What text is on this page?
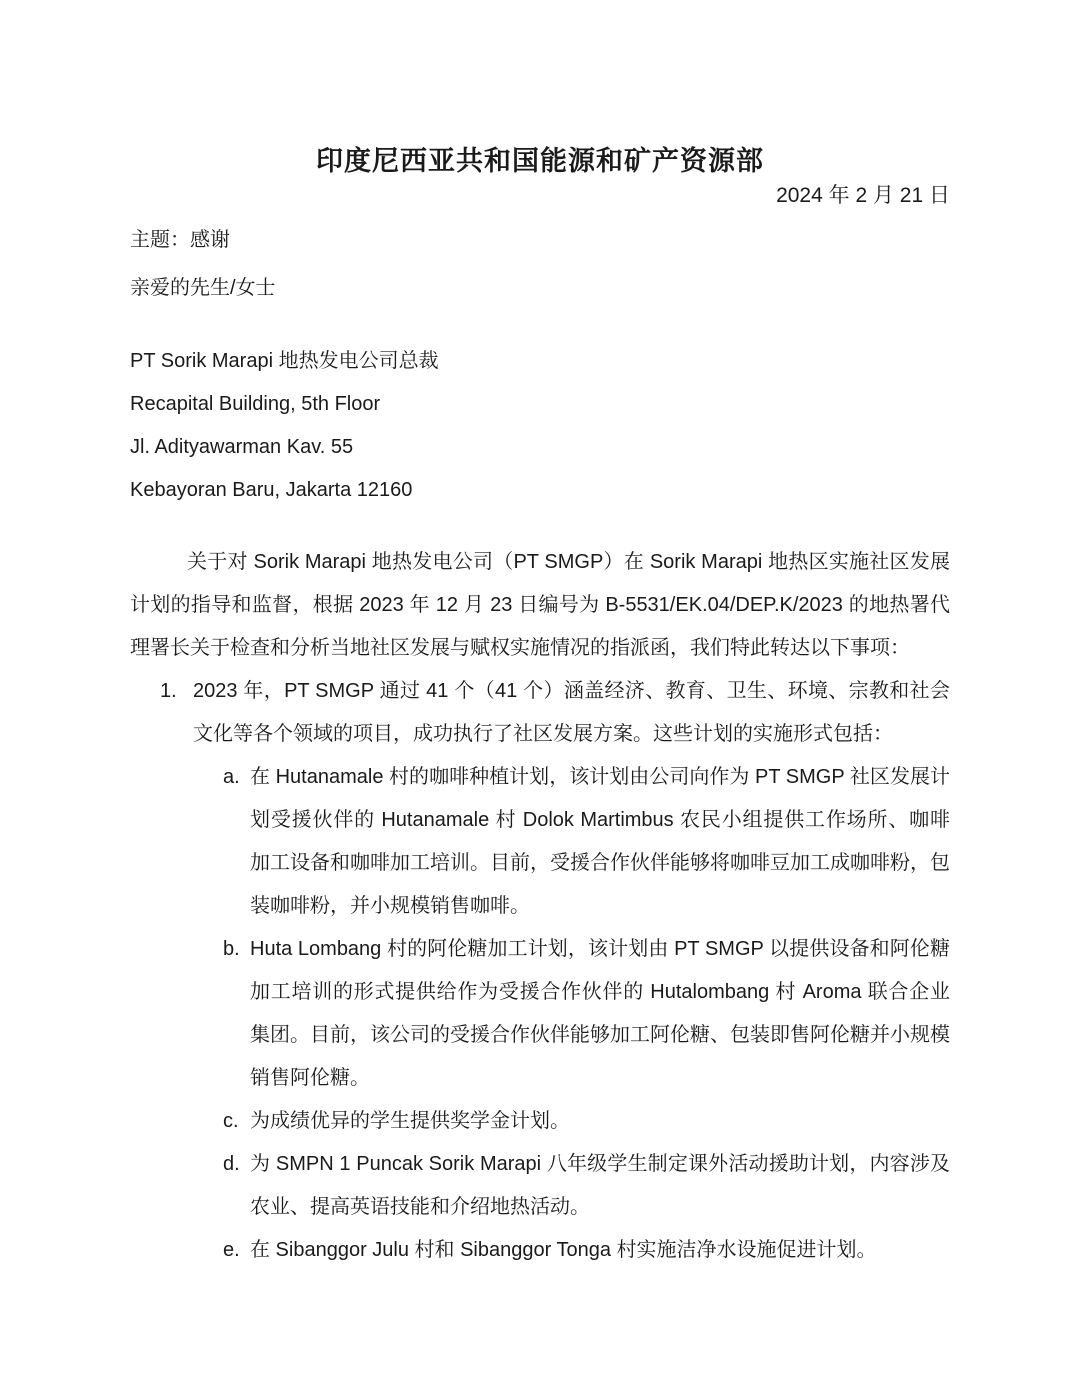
印度尼西亚共和国能源和矿产资源部
2024 年 2 月 21 日
主题：感谢
亲爱的先生/女士
PT Sorik Marapi 地热发电公司总裁
Recapital Building, 5th Floor
Jl. Adityawarman Kav. 55
Kebayoran Baru, Jakarta 12160

关于对 Sorik Marapi 地热发电公司（PT SMGP）在 Sorik Marapi 地热区实施社区发展计划的指导和监督，根据 2023 年 12 月 23 日编号为 B-5531/EK.04/DEP.K/2023 的地热署代理署长关于检查和分析当地社区发展与赋权实施情况的指派函，我们特此转达以下事项：

1. 2023 年，PT SMGP 通过 41 个（41 个）涵盖经济、教育、卫生、环境、宗教和社会文化等各个领域的项目，成功执行了社区发展方案。这些计划的实施形式包括：
a. 在 Hutanamale 村的咖啡种植计划，该计划由公司向作为 PT SMGP 社区发展计划受援伙伴的 Hutanamale 村 Dolok Martimbus 农民小组提供工作场所、咖啡加工设备和咖啡加工培训。目前，受援合作伙伴能够将咖啡豆加工成咖啡粉，包装咖啡粉，并小规模销售咖啡。
b. Huta Lombang 村的阿伦糖加工计划，该计划由 PT SMGP 以提供设备和阿伦糖加工培训的形式提供给作为受援合作伙伴的 Hutalombang 村 Aroma 联合企业集团。目前，该公司的受援合作伙伴能够加工阿伦糖、包装即售阿伦糖并小规模销售阿伦糖。
c. 为成绩优异的学生提供奖学金计划。
d. 为 SMPN 1 Puncak Sorik Marapi 八年级学生制定课外活动援助计划，内容涉及农业、提高英语技能和介绍地热活动。
e. 在 Sibanggor Julu 村和 Sibanggor Tonga 村实施洁净水设施促进计划。
